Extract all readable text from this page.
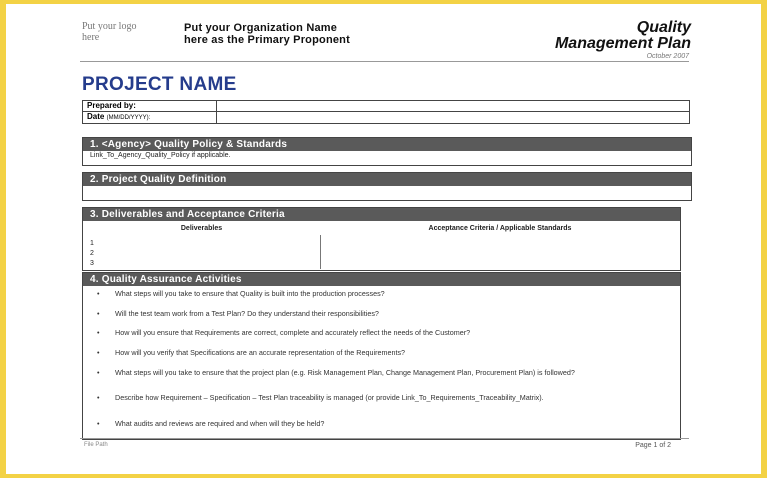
Put your logo
here
Put your Organization Name
here as the Primary Proponent
Quality
Management Plan
October 2007
PROJECT NAME
Prepared by:	
Date (MM/DD/YYYY):	
1. <Agency> Quality Policy & Standards
Link_To_Agency_Quality_Policy if applicable.
2. Project Quality Definition
3. Deliverables and Acceptance Criteria
Deliverables	Acceptance Criteria / Applicable Standards
1
2
3
4. Quality Assurance Activities
• What steps will you take to ensure that Quality is built into the production processes?
• Will the test team work from a Test Plan? Do they understand their responsibilities?
• How will you ensure that Requirements are correct, complete and accurately reflect the needs of the Customer?
• How will you verify that Specifications are an accurate representation of the Requirements?
• What steps will you take to ensure that the project plan (e.g. Risk Management Plan, Change Management Plan, Procurement Plan) is followed?
• Describe how Requirement – Specification – Test Plan traceability is managed (or provide Link_To_Requirements_Traceability_Matrix).
• What audits and reviews are required and when will they be held?
File Path	Page 1 of 2
